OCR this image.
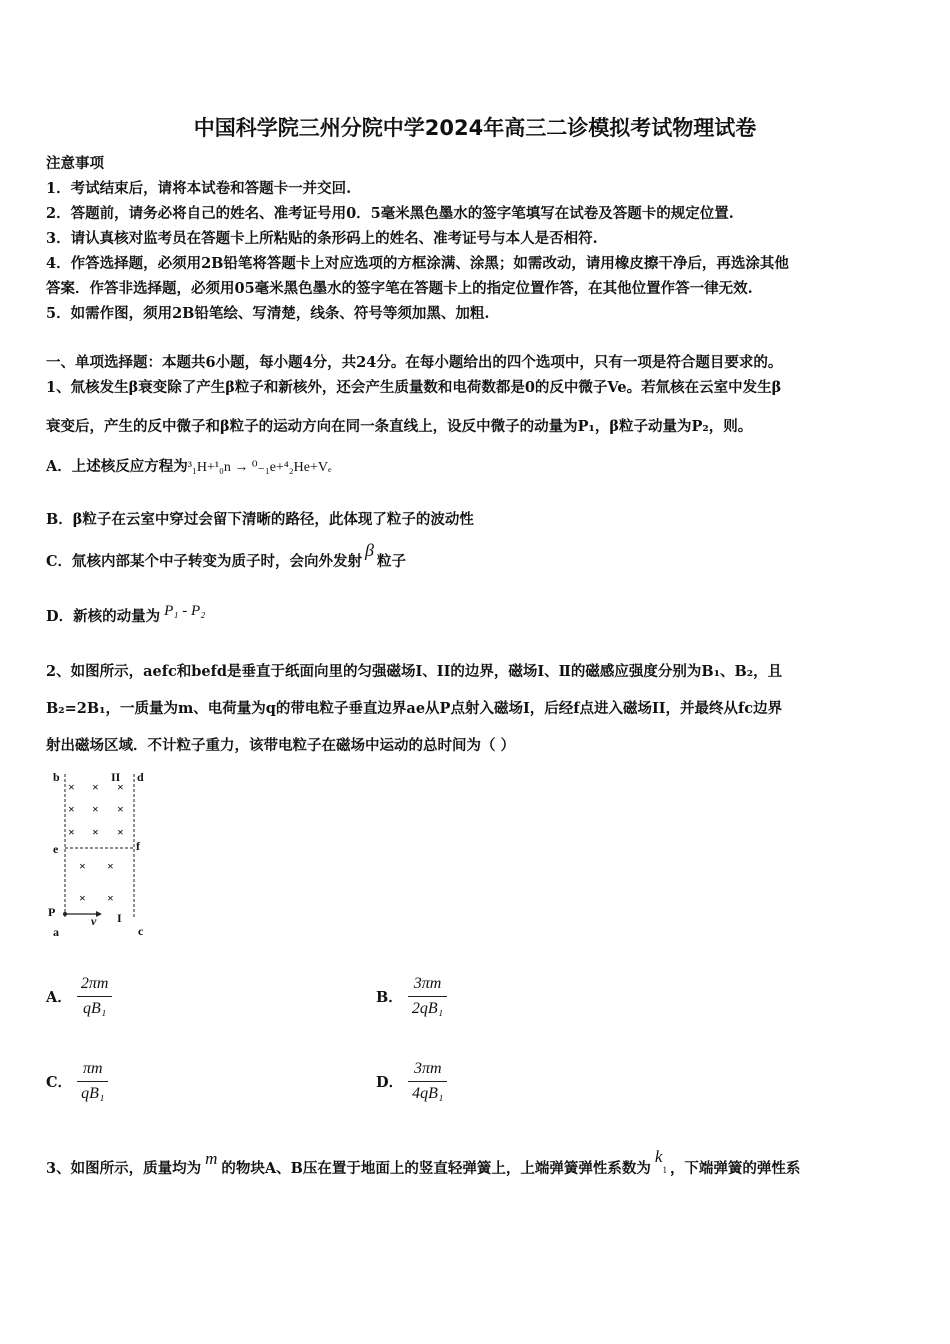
中国科学院三州分院中学2024年高三二诊模拟考试物理试卷
注意事项
1．考试结束后，请将本试卷和答题卡一并交回.
2．答题前，请务必将自己的姓名、准考证号用0．5毫米黑色墨水的签字笔填写在试卷及答题卡的规定位置.
3．请认真核对监考员在答题卡上所粘贴的条形码上的姓名、准考证号与本人是否相符.
4．作答选择题，必须用2B铅笔将答题卡上对应选项的方框涂满、涂黑；如需改动，请用橡皮擦干净后，再选涂其他
答案．作答非选择题，必须用05毫米黑色墨水的签字笔在答题卡上的指定位置作答，在其他位置作答一律无效.
5．如需作图，须用2B铅笔绘、写清楚，线条、符号等须加黑、加粗.
一、单项选择题：本题共6小题，每小题4分，共24分。在每小题给出的四个选项中，只有一项是符合题目要求的。
1、氚核发生β衰变除了产生β粒子和新核外，还会产生质量数和电荷数都是0的反中微子Ve。若氚核在云室中发生β
衰变后，产生的反中微子和β粒子的运动方向在同一条直线上，设反中微子的动量为P₁，β粒子动量为P₂，则。
A．上述核反应方程为³₁H+¹₀n → ⁰₋₁e+⁴₂He+Vₑ
B．β粒子在云室中穿过会留下清晰的路径，此体现了粒子的波动性
C．氚核内部某个中子转变为质子时，会向外发射β粒子
D．新核的动量为 P₁ - P₂
2、如图所示，aefc和befd是垂直于纸面向里的匀强磁场I、II的边界，磁场I、Ⅱ的磁感应强度分别为B₁、B₂，且
B₂=2B₁，一质量为m、电荷量为q的带电粒子垂直边界ae从P点射入磁场I，后经f点进入磁场II，并最终从fc边界
射出磁场区域．不计粒子重力，该带电粒子在磁场中运动的总时间为（ ）
b	II d
e	f
P
a
v I
c
× × ×
× × ×
× × ×
× ×
× ×
A． $\frac{2\pi m}{\text{qB₁}}$	B． $\frac{3\pi m}{\text{2qB₁}}$
C． $\frac{\pi m}{\text{qB₁}}$	D． $\frac{3\pi m}{\text{4qB₁}}$
3、如图所示，质量均为m的物块A、B压在置于地面上的竖直轻弹簧上，上端弹簧弹性系数为k1 ，下端弹簧的弹性系
